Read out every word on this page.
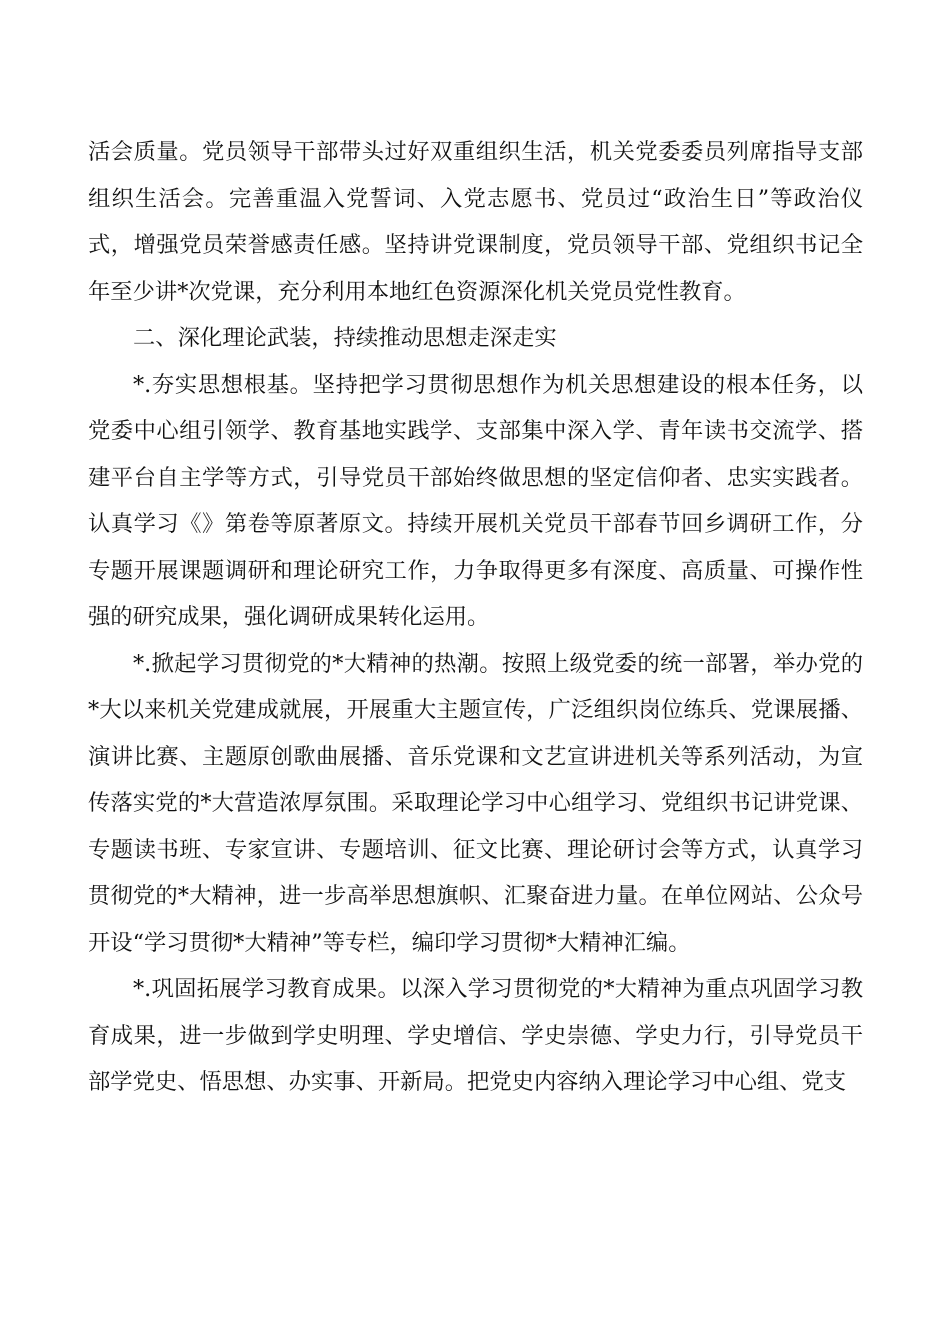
活会质量。党员领导干部带头过好双重组织生活，机关党委委员列席指导支部组织生活会。完善重温入党誓词、入党志愿书、党员过“政治生日”等政治仪式，增强党员荣誉感责任感。坚持讲党课制度，党员领导干部、党组织书记全年至少讲*次党课，充分利用本地红色资源深化机关党员党性教育。

二、深化理论武装，持续推动思想走深走实

*.夯实思想根基。坚持把学习贯彻思想作为机关思想建设的根本任务，以党委中心组引领学、教育基地实践学、支部集中深入学、青年读书交流学、搭建平台自主学等方式，引导党员干部始终做思想的坚定信仰者、忠实实践者。认真学习《》第卷等原著原文。持续开展机关党员干部春节回乡调研工作，分专题开展课题调研和理论研究工作，力争取得更多有深度、高质量、可操作性强的研究成果，强化调研成果转化运用。

*.掀起学习贯彻党的*大精神的热潮。按照上级党委的统一部署，举办党的*大以来机关党建成就展，开展重大主题宣传，广泛组织岗位练兵、党课展播、演讲比赛、主题原创歌曲展播、音乐党课和文艺宣讲进机关等系列活动，为宣传落实党的*大营造浓厚氛围。采取理论学习中心组学习、党组织书记讲党课、专题读书班、专家宣讲、专题培训、征文比赛、理论研讨会等方式，认真学习贯彻党的*大精神，进一步高举思想旗帜、汇聚奋进力量。在单位网站、公众号开设“学习贯彻*大精神”等专栏，编印学习贯彻*大精神汇编。

*.巩固拓展学习教育成果。以深入学习贯彻党的*大精神为重点巩固学习教育成果，进一步做到学史明理、学史增信、学史崇德、学史力行，引导党员干部学党史、悟思想、办实事、开新局。把党史内容纳入理论学习中心组、党支
